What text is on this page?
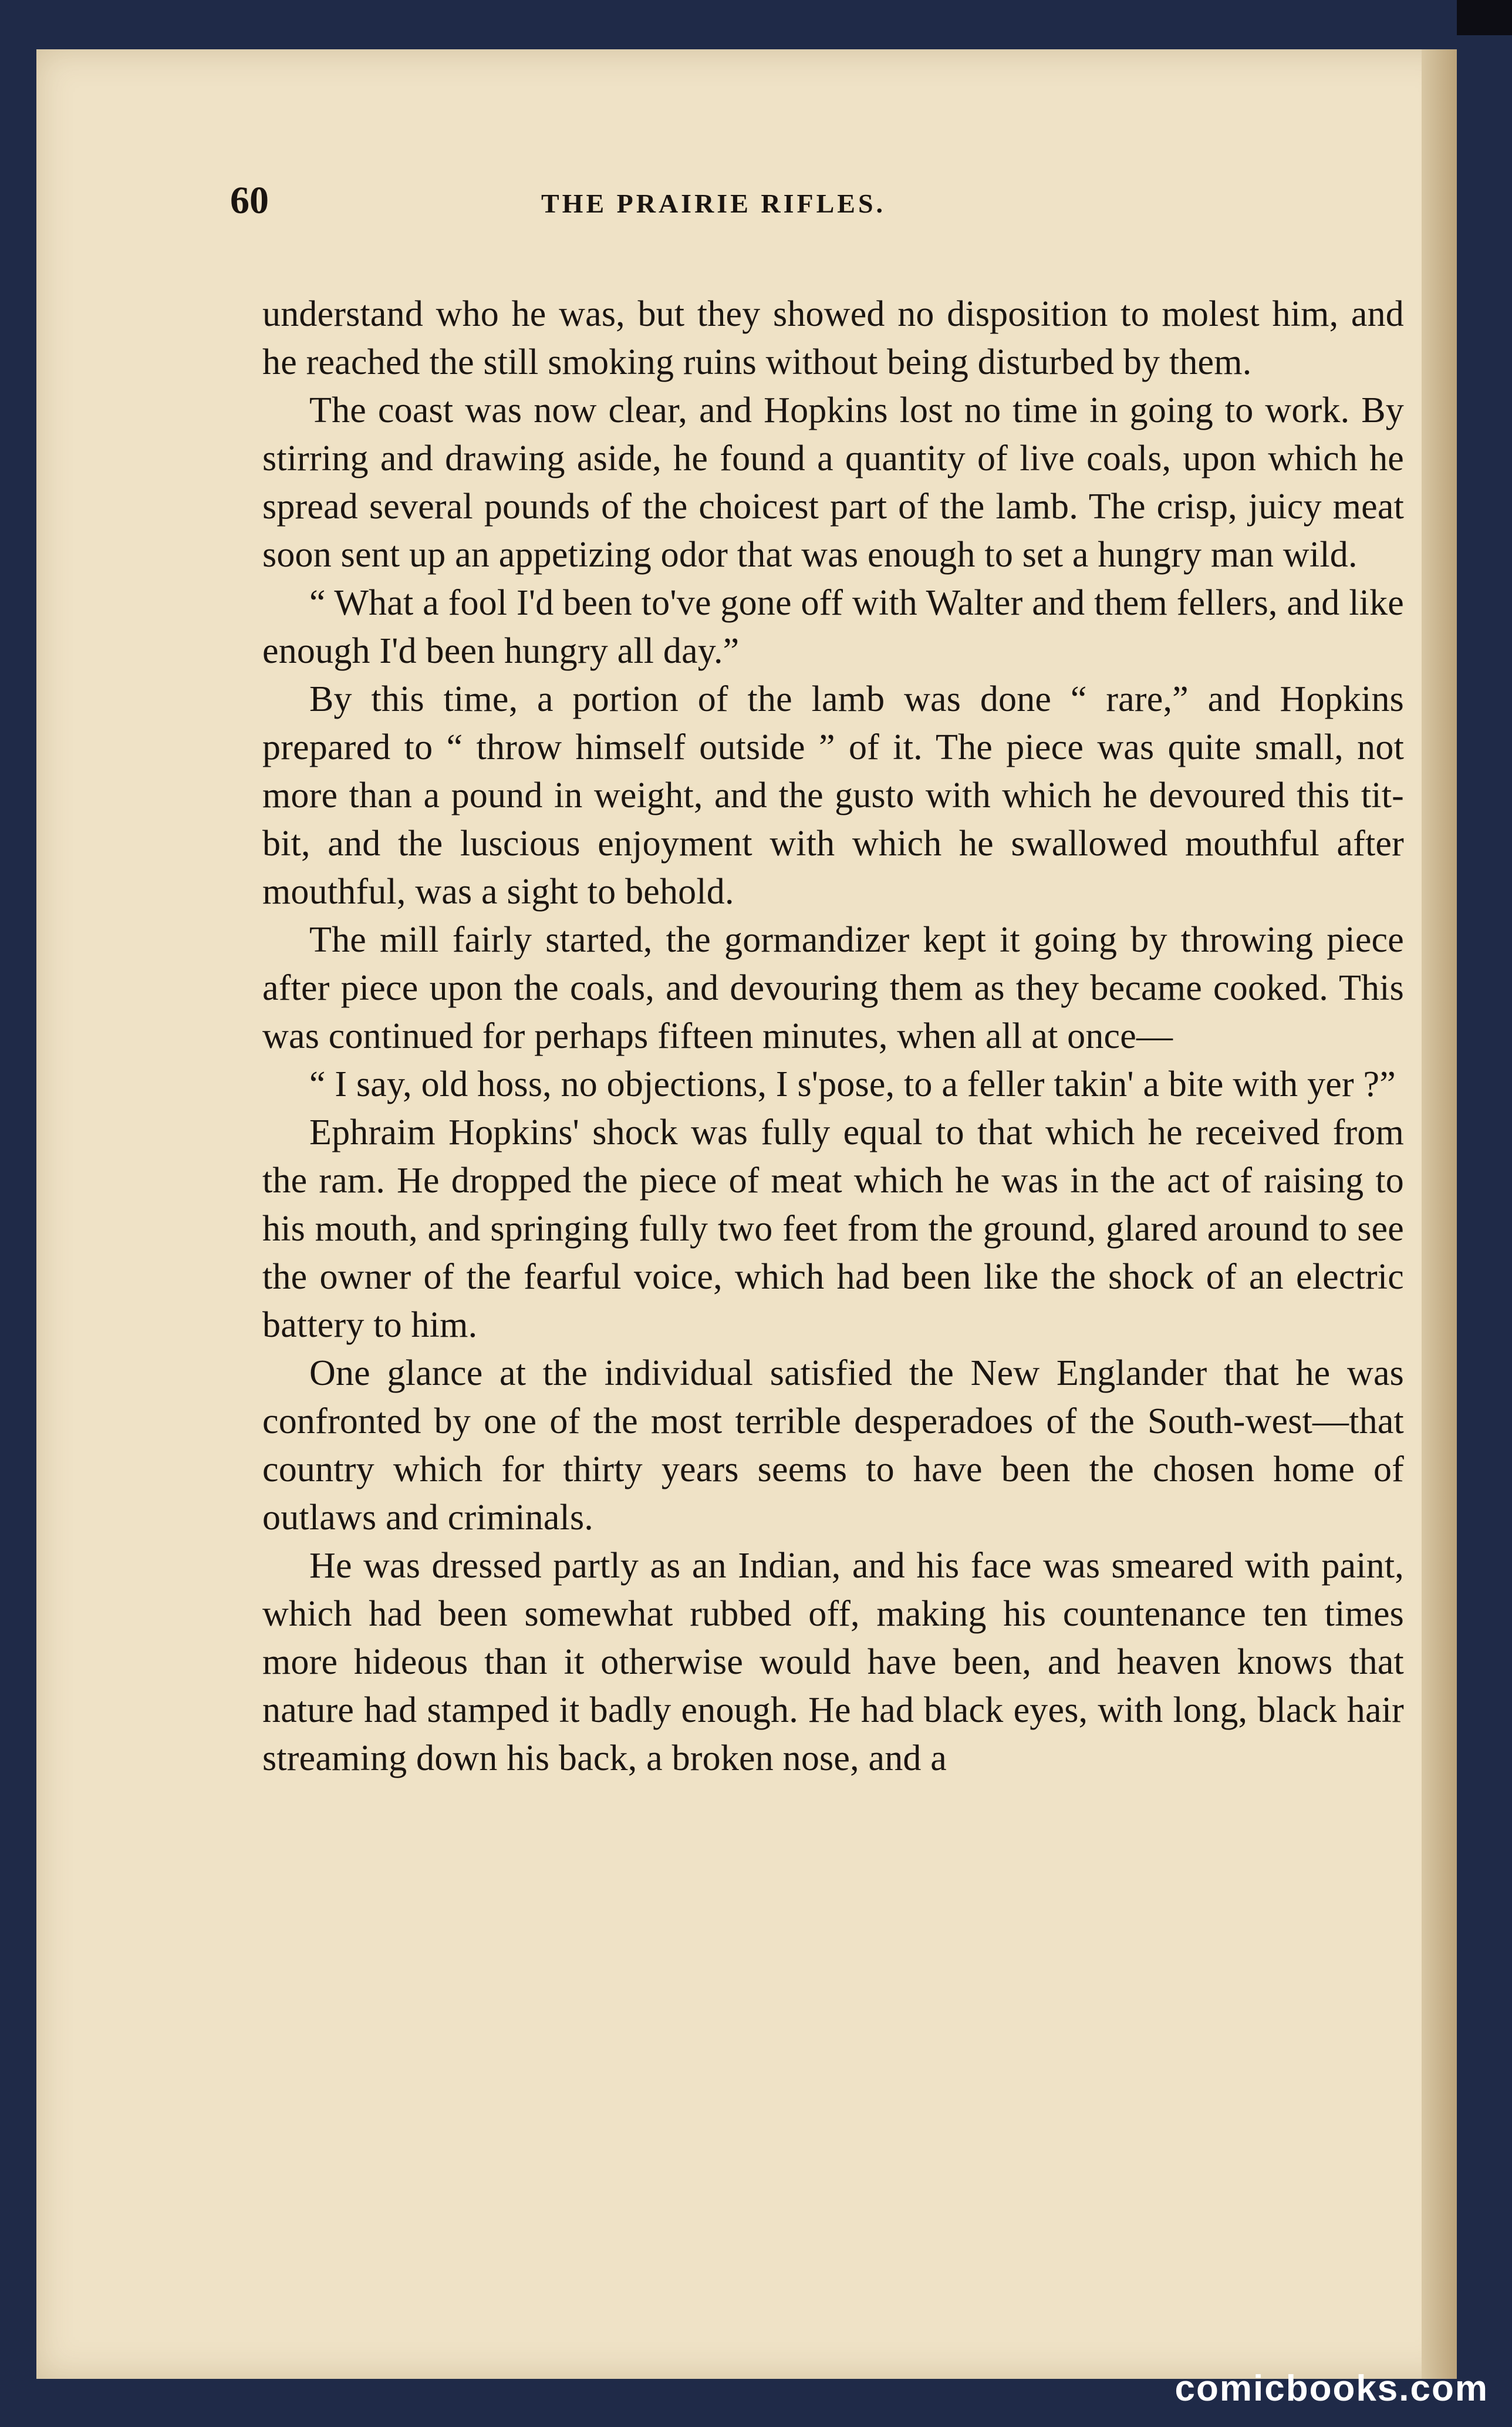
60	THE PRAIRIE RIFLES.

understand who he was, but they showed no disposition to molest him, and he reached the still smoking ruins without being disturbed by them.

The coast was now clear, and Hopkins lost no time in going to work. By stirring and drawing aside, he found a quantity of live coals, upon which he spread several pounds of the choicest part of the lamb. The crisp, juicy meat soon sent up an appetizing odor that was enough to set a hungry man wild.

“ What a fool I'd been to've gone off with Walter and them fellers, and like enough I'd been hungry all day.”

By this time, a portion of the lamb was done “ rare,” and Hopkins prepared to “ throw himself outside ” of it. The piece was quite small, not more than a pound in weight, and the gusto with which he devoured this tit-bit, and the luscious enjoyment with which he swallowed mouthful after mouthful, was a sight to behold.

The mill fairly started, the gormandizer kept it going by throwing piece after piece upon the coals, and devouring them as they became cooked. This was continued for perhaps fifteen minutes, when all at once—

“ I say, old hoss, no objections, I s'pose, to a feller takin' a bite with yer ?”

Ephraim Hopkins' shock was fully equal to that which he received from the ram. He dropped the piece of meat which he was in the act of raising to his mouth, and springing fully two feet from the ground, glared around to see the owner of the fearful voice, which had been like the shock of an electric battery to him.

One glance at the individual satisfied the New Englander that he was confronted by one of the most terrible desperadoes of the South-west—that country which for thirty years seems to have been the chosen home of outlaws and criminals.

He was dressed partly as an Indian, and his face was smeared with paint, which had been somewhat rubbed off, making his countenance ten times more hideous than it otherwise would have been, and heaven knows that nature had stamped it badly enough. He had black eyes, with long, black hair streaming down his back, a broken nose, and a

comicbooks.com
